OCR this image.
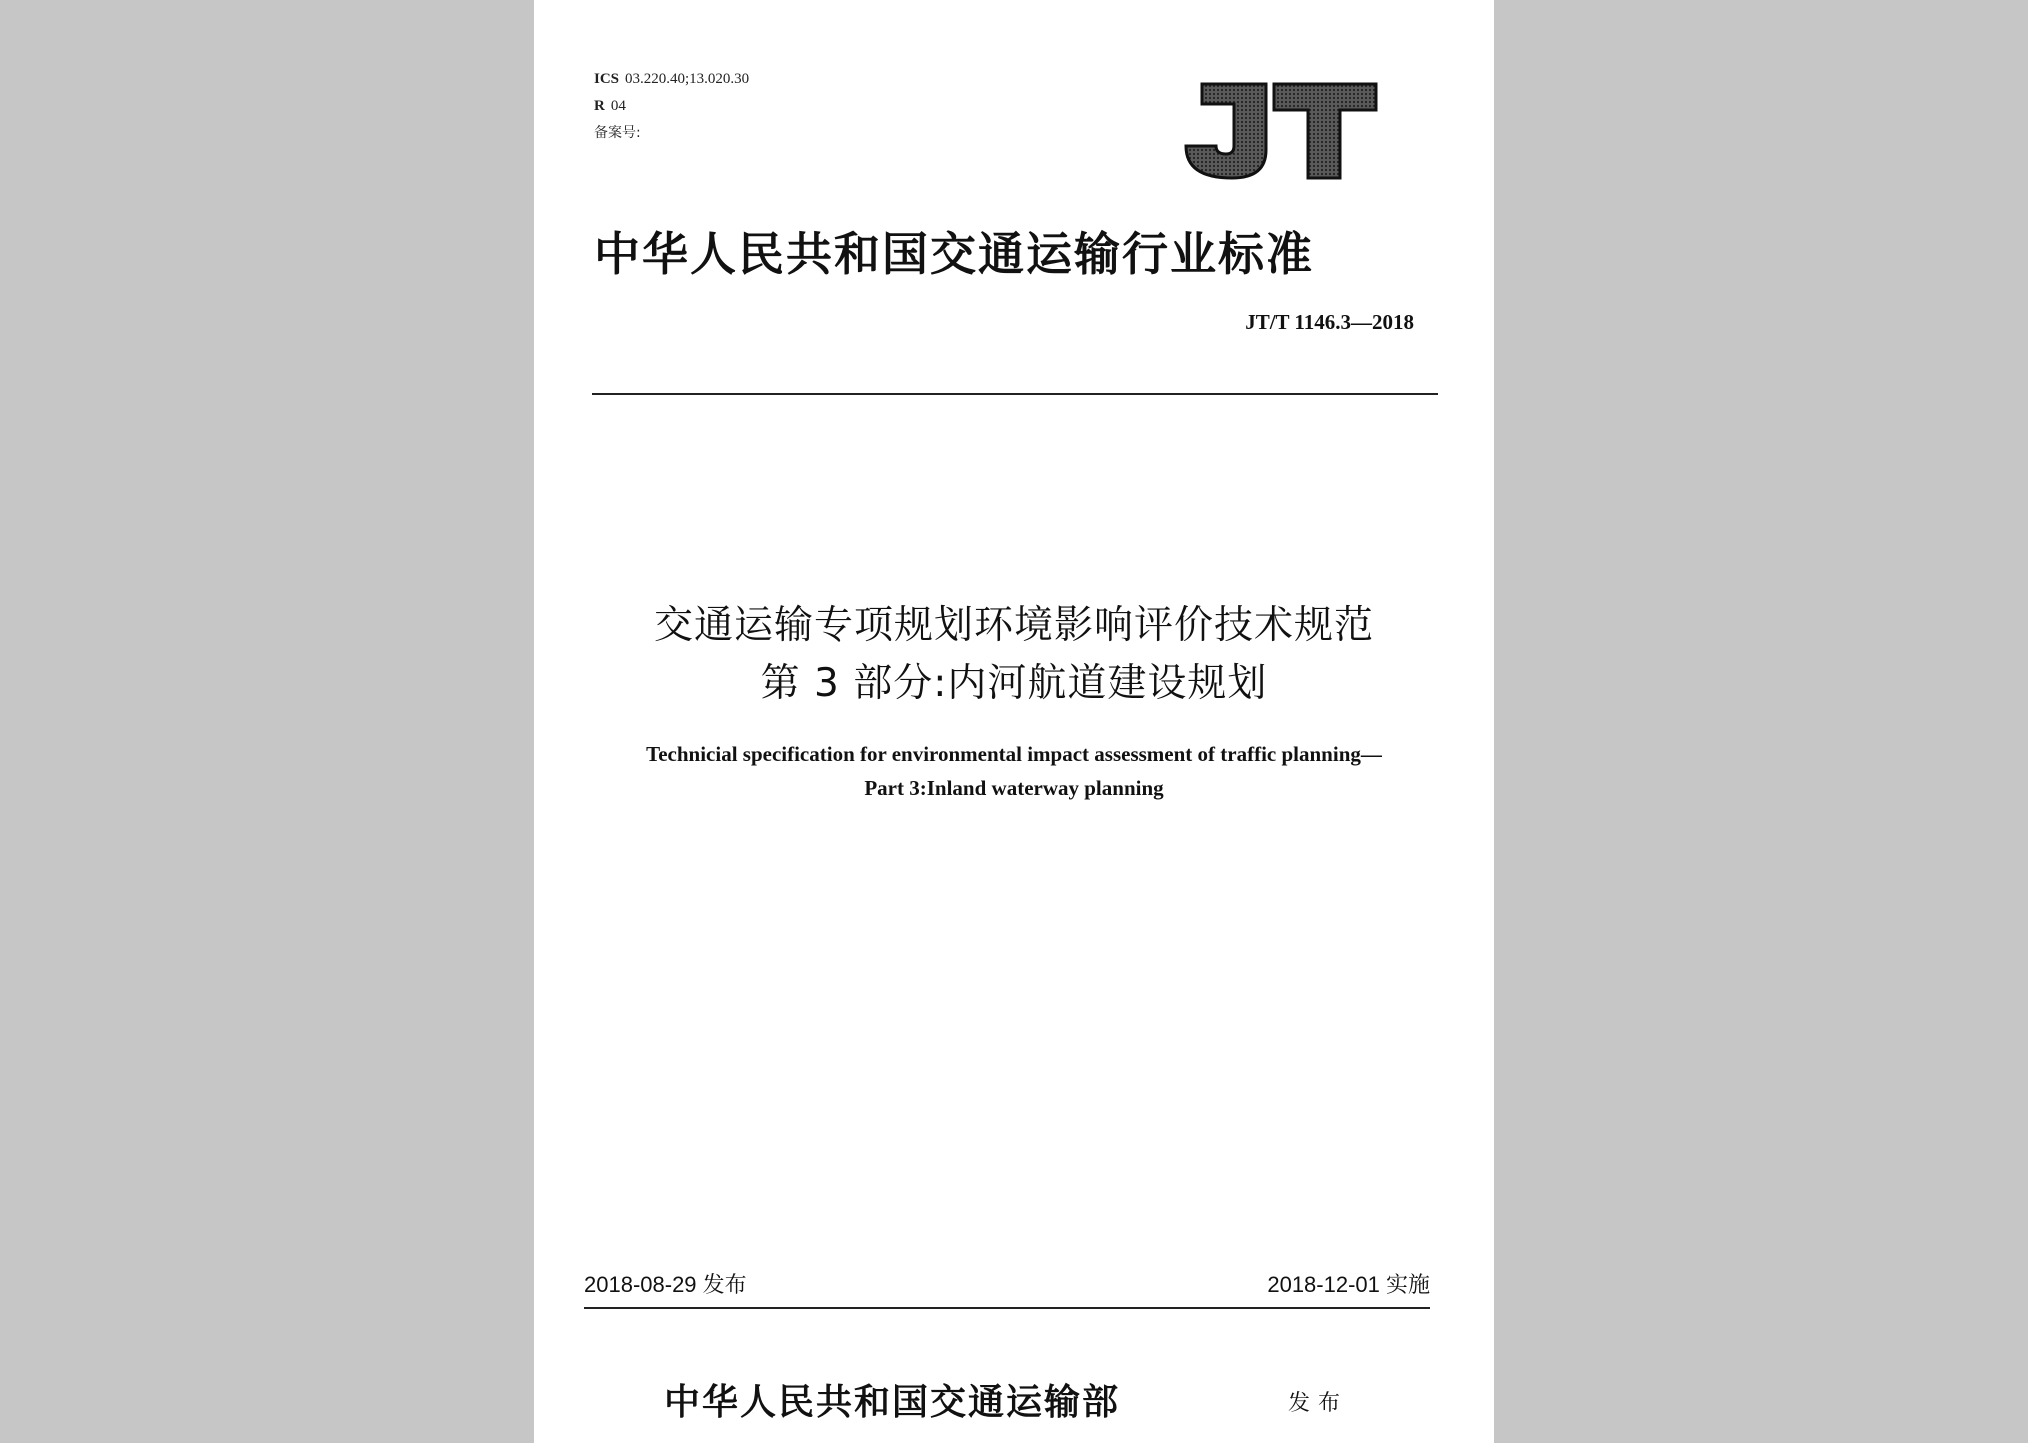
ICS 03.220.40;13.020.30
R 04
备案号:
中华人民共和国交通运输行业标准
JT/T 1146.3—2018
交通运输专项规划环境影响评价技术规范
第 3 部分:内河航道建设规划
Technicial specification for environmental impact assessment of traffic planning—
Part 3:Inland waterway planning
2018-08-29 发布	2018-12-01 实施
中华人民共和国交通运输部	发布
